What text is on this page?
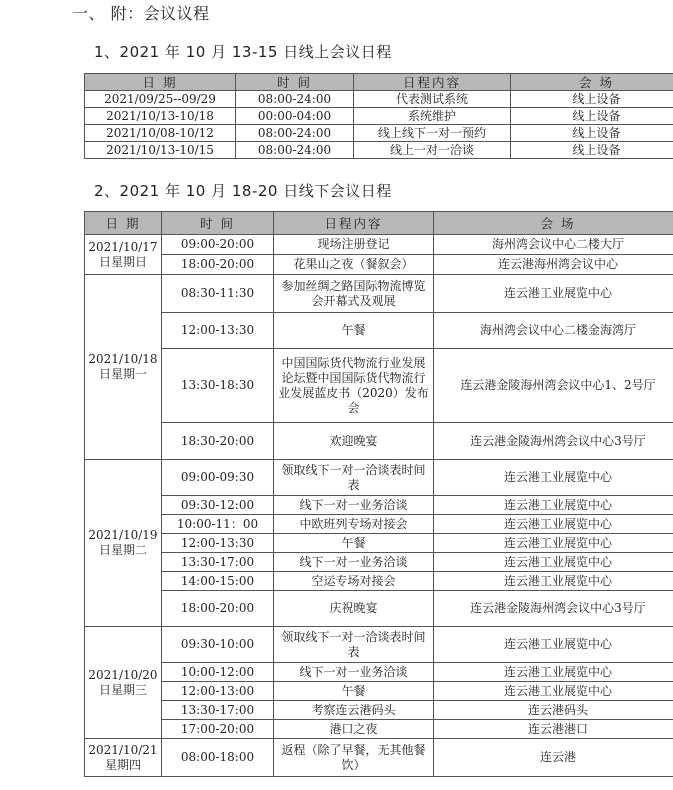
一、 附：会议议程
1、2021 年 10 月 13-15 日线上会议日程
日 期	时 间	日程内容	会 场
2021/09/25--09/29	08:00-24:00	代表测试系统	线上设备
2021/10/13-10/18	00:00-04:00	系统维护	线上设备
2021/10/08-10/12	08:00-24:00	线上线下一对一预约	线上设备
2021/10/13-10/15	08:00-24:00	线上一对一洽谈	线上设备
2、2021 年 10 月 18-20 日线下会议日程
日 期	时 间	日程内容	会 场

2021/10/17
日星期日	09:00-20:00	现场注册登记	海州湾会议中心二楼大厅
	18:00-20:00	花果山之夜（餐叙会）	连云港海州湾会议中心

2021/10/18
日星期一	08:30-11:30	参加丝绸之路国际物流博览会开幕式及观展	连云港工业展览中心
	12:00-13:30	午餐	海州湾会议中心二楼金海湾厅
	13:30-18:30	中国国际货代物流行业发展论坛暨中国国际货代物流行业发展蓝皮书（2020）发布会	连云港金陵海州湾会议中心1、2号厅
	18:30-20:00	欢迎晚宴	连云港金陵海州湾会议中心3号厅

2021/10/19
日星期二	09:00-09:30	领取线下一对一洽谈表时间表	连云港工业展览中心
	09:30-12:00	线下一对一业务洽谈	连云港工业展览中心
	10:00-11：00	中欧班列专场对接会	连云港工业展览中心
	12:00-13:30	午餐	连云港工业展览中心
	13:30-17:00	线下一对一业务洽谈	连云港工业展览中心
	14:00-15:00	空运专场对接会	连云港工业展览中心
	18:00-20:00	庆祝晚宴	连云港金陵海州湾会议中心3号厅

2021/10/20
日星期三	09:30-10:00	领取线下一对一洽谈表时间表	连云港工业展览中心
	10:00-12:00	线下一对一业务洽谈	连云港工业展览中心
	12:00-13:00	午餐	连云港工业展览中心
	13:30-17:00	考察连云港码头	连云港码头
	17:00-20:00	港口之夜	连云港港口

2021/10/21
星期四	08:00-18:00	返程（除了早餐，无其他餐饮）	连云港
